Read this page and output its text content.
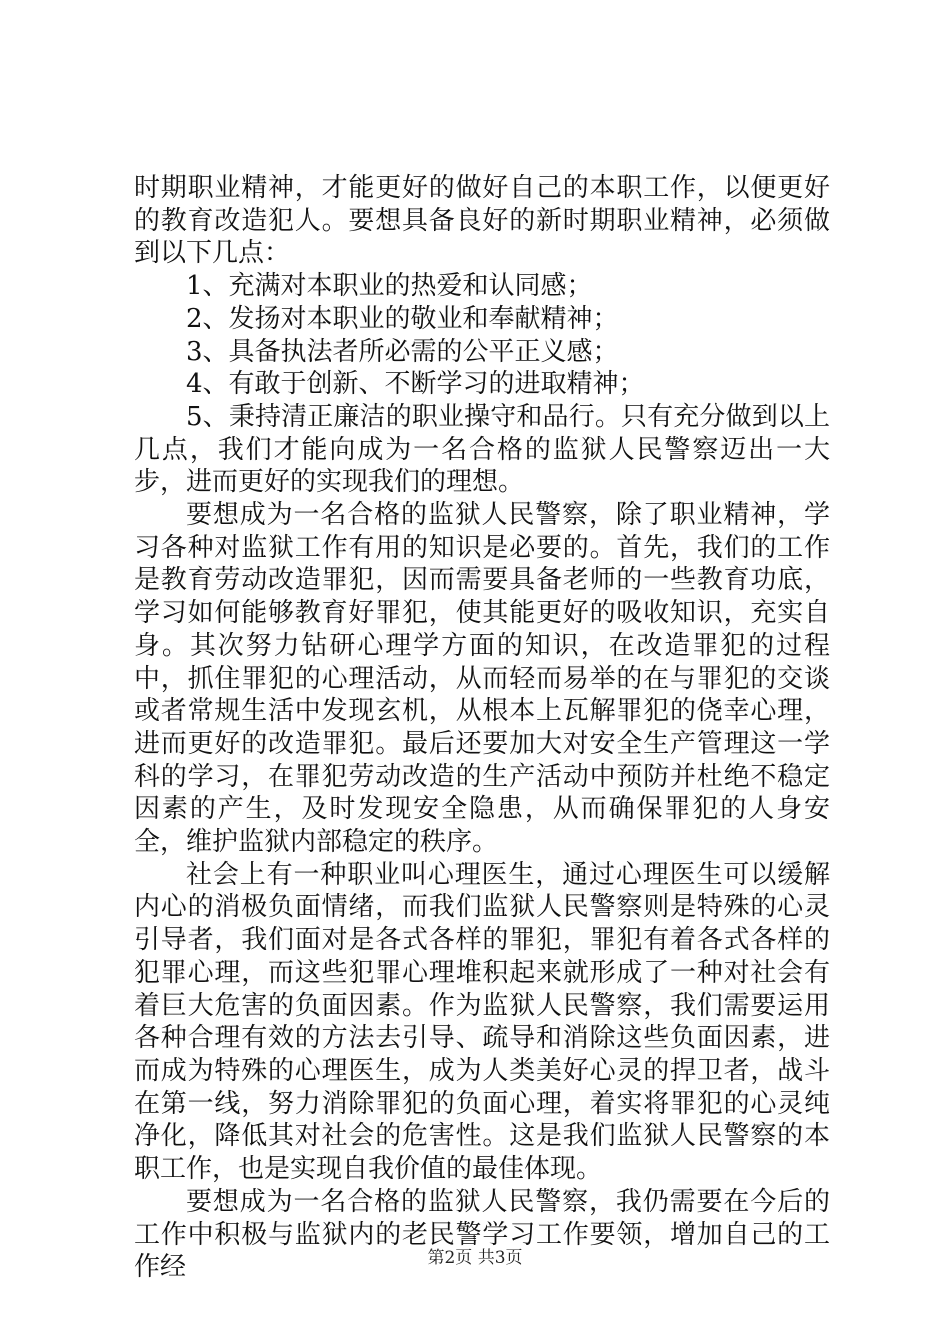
时期职业精神，才能更好的做好自己的本职工作，以便更好的教育改造犯人。要想具备良好的新时期职业精神，必须做到以下几点：

1、充满对本职业的热爱和认同感；

2、发扬对本职业的敬业和奉献精神；

3、具备执法者所必需的公平正义感；

4、有敢于创新、不断学习的进取精神；

5、秉持清正廉洁的职业操守和品行。只有充分做到以上几点，我们才能向成为一名合格的监狱人民警察迈出一大步，进而更好的实现我们的理想。

要想成为一名合格的监狱人民警察，除了职业精神，学习各种对监狱工作有用的知识是必要的。首先，我们的工作是教育劳动改造罪犯，因而需要具备老师的一些教育功底，学习如何能够教育好罪犯，使其能更好的吸收知识，充实自身。其次努力钻研心理学方面的知识，在改造罪犯的过程中，抓住罪犯的心理活动，从而轻而易举的在与罪犯的交谈或者常规生活中发现玄机，从根本上瓦解罪犯的侥幸心理，进而更好的改造罪犯。最后还要加大对安全生产管理这一学科的学习，在罪犯劳动改造的生产活动中预防并杜绝不稳定因素的产生，及时发现安全隐患，从而确保罪犯的人身安全，维护监狱内部稳定的秩序。

社会上有一种职业叫心理医生，通过心理医生可以缓解内心的消极负面情绪，而我们监狱人民警察则是特殊的心灵引导者，我们面对是各式各样的罪犯，罪犯有着各式各样的犯罪心理，而这些犯罪心理堆积起来就形成了一种对社会有着巨大危害的负面因素。作为监狱人民警察，我们需要运用各种合理有效的方法去引导、疏导和消除这些负面因素，进而成为特殊的心理医生，成为人类美好心灵的捍卫者，战斗在第一线，努力消除罪犯的负面心理，着实将罪犯的心灵纯净化，降低其对社会的危害性。这是我们监狱人民警察的本职工作，也是实现自我价值的最佳体现。

要想成为一名合格的监狱人民警察，我仍需要在今后的工作中积极与监狱内的老民警学习工作要领，增加自己的工作经	第2页 共3页
